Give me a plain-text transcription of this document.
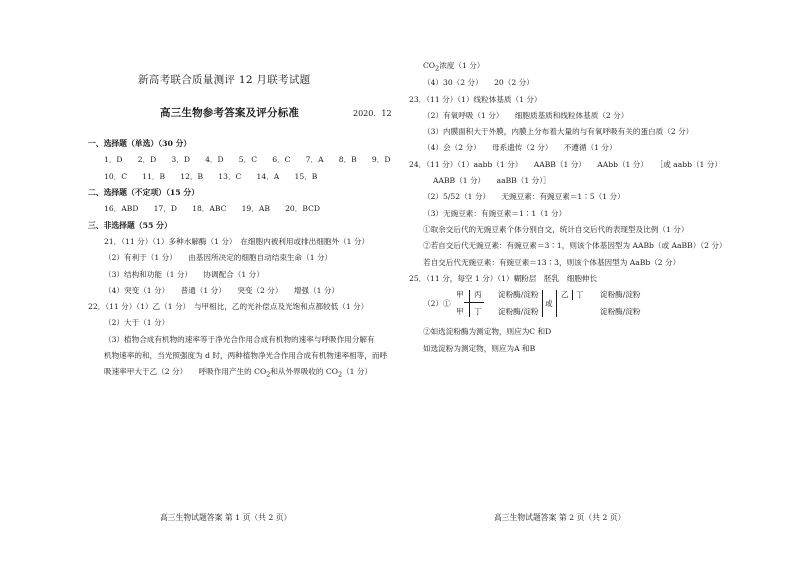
新高考联合质量测评 12 月联考试题
高三生物参考答案及评分标准	2020．12
一、选择题（单选）（30 分）
1．D　　2．D　　3．D　　4．D　　5．C　　6．C　　7．A　　8．B　　9．D
10．C　　11．B　　12．B　　13．C　　14．A　　15．B
二、选择题（不定项）（15 分）
16．ABD　　17．D　　18．ABC　　19．AB　　20．BCD
三、非选择题（55 分）
21．（11 分）（1）多种水解酶（1 分）　在细胞内被利用或排出细胞外（1 分）
（2）有利于（1 分）　　由基因所决定的细胞自动结束生命（1 分）
（3）结构和功能（1 分）　　协调配合（1 分）
（4）突变（1 分）　　普通（1 分）　　突变（2 分）　　增强（1 分）
22．（11 分）（1）乙（1 分）　与甲相比，乙的光补偿点及光饱和点都较低（1 分）
（2）大于（1 分）
（3）植物合成有机物的速率等于净光合作用合成有机物的速率与呼吸作用分解有
机物速率的和，当光照强度为 d 时，两种植物净光合作用合成有机物速率相等，而呼
吸速率甲大于乙（2 分）　　呼吸作用产生的 $CO_2$和从外界吸收的 $CO_2(1$ 分）
高三生物试题答案 第 1 页（共 2 页）
$CO_2$浓度（1 分）
（4）30（2 分）　　20（2 分）
23．（11 分）（1）线粒体基质（1 分）
（2）有氧呼吸（1 分）　　细胞质基质和线粒体基质（2 分）
（3）内膜面积大于外膜，内膜上分布着大量的与有氧呼吸有关的蛋白质（2 分）
（4）会（2 分）　　母系遗传（2 分）　　不遵循（1 分）
24．（11 分）（1）aabb（1 分）　　AABB（1 分）　　AAbb（1 分）　　［或 aabb（1 分）
AABB（1 分）　　aaBB（1 分）］
（2）5/52（1 分）　　无豌豆素：有豌豆素＝1∶5（1 分）
（3）无豌豆素：有豌豆素＝1∶1（1 分）
①取余交后代的无豌豆素个体分别自交，统计自交后代的表现型及比例（1 分）
②若自交后代无豌豆素：有豌豆素＝3∶1，则该个体基因型为 AABb（或 AaBB）（2 分）
若自交后代无豌豆素：有豌豆素＝13∶3，则该个体基因型为 AaBb（2 分）
25．（11 分，每空 1 分）（1）糊粉层　胚乳　细胞伸长
（2）①
甲 丙
甲 丁
淀粉酶/淀粉
淀粉酶/淀粉
或
乙 丁 淀粉酶/淀粉
淀粉酶/淀粉
②如选淀粉酶为测定物，则应为C 和D
如选淀粉为测定物，则应为A 和B
高三生物试题答案 第 2 页（共 2 页）
